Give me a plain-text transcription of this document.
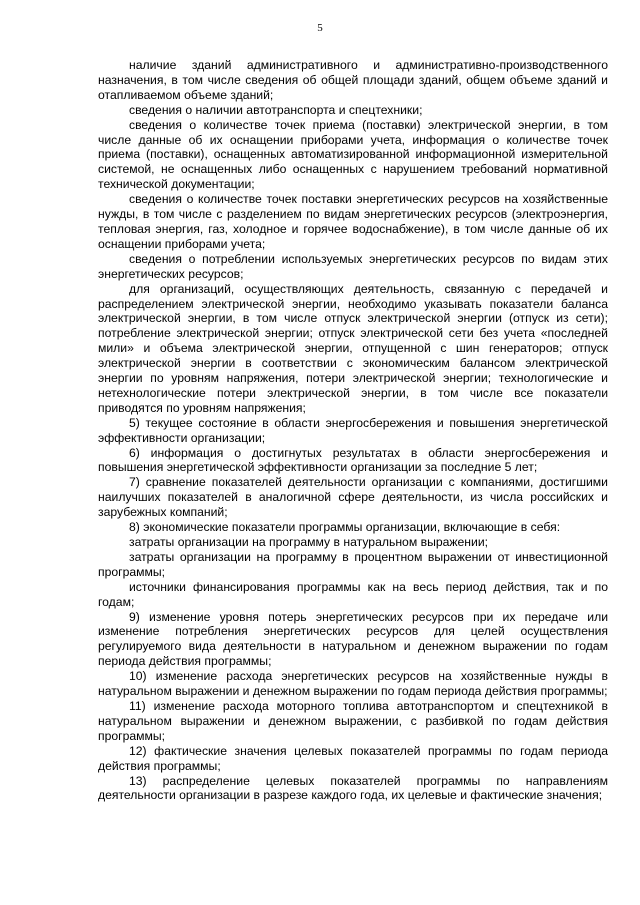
5

наличие зданий административного и административно-производственного назначения, в том числе сведения об общей площади зданий, общем объеме зданий и отапливаемом объеме зданий;

сведения о наличии автотранспорта и спецтехники;

сведения о количестве точек приема (поставки) электрической энергии, в том числе данные об их оснащении приборами учета, информация о количестве точек приема (поставки), оснащенных автоматизированной информационной измерительной системой, не оснащенных либо оснащенных с нарушением требований нормативной технической документации;

сведения о количестве точек поставки энергетических ресурсов на хозяйственные нужды, в том числе с разделением по видам энергетических ресурсов (электроэнергия, тепловая энергия, газ, холодное и горячее водоснабжение), в том числе данные об их оснащении приборами учета;

сведения о потреблении используемых энергетических ресурсов по видам этих энергетических ресурсов;

для организаций, осуществляющих деятельность, связанную с передачей и распределением электрической энергии, необходимо указывать показатели баланса электрической энергии, в том числе отпуск электрической энергии (отпуск из сети); потребление электрической энергии; отпуск электрической сети без учета «последней мили» и объема электрической энергии, отпущенной с шин генераторов; отпуск электрической энергии в соответствии с экономическим балансом электрической энергии по уровням напряжения, потери электрической энергии; технологические и нетехнологические потери электрической энергии, в том числе все показатели приводятся по уровням напряжения;

5) текущее состояние в области энергосбережения и повышения энергетической эффективности организации;

6) информация о достигнутых результатах в области энергосбережения и повышения энергетической эффективности организации за последние 5 лет;

7) сравнение показателей деятельности организации с компаниями, достигшими наилучших показателей в аналогичной сфере деятельности, из числа российских и зарубежных компаний;

8) экономические показатели программы организации, включающие в себя:

затраты организации на программу в натуральном выражении;

затраты организации на программу в процентном выражении от инвестиционной программы;

источники финансирования программы как на весь период действия, так и по годам;

9) изменение уровня потерь энергетических ресурсов при их передаче или изменение потребления энергетических ресурсов для целей осуществления регулируемого вида деятельности в натуральном и денежном выражении по годам периода действия программы;

10) изменение расхода энергетических ресурсов на хозяйственные нужды в натуральном выражении и денежном выражении по годам периода действия программы;

11) изменение расхода моторного топлива автотранспортом и спецтехникой в натуральном выражении и денежном выражении, с разбивкой по годам действия программы;

12) фактические значения целевых показателей программы по годам периода действия программы;

13) распределение целевых показателей программы по направлениям деятельности организации в разрезе каждого года, их целевые и фактические значения;
